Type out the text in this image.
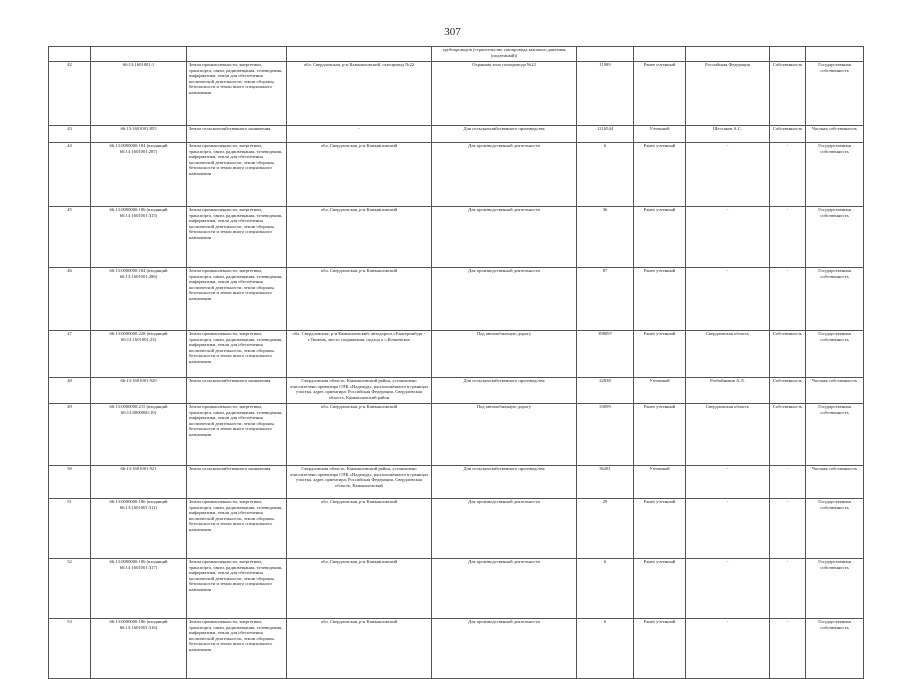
307
				трубопроводов (строительство газопровода высокого давления (подземный))					
42	66:13:1601001:1	Земли промышленности, энергетики, транспорта, связи, радиовещания, телевидения, информатики, земли для обеспечения космической деятельности, земли обороны, безопасности и земли иного специального назначения	обл. Свердловская, р-н Камышловский, газопровод №22	Охранная зона газопровода №22	11989	Ранее учтенный	Российская Федерация	Собственность	Государственная собственность
43	66:13:1601001:855	Земли сельскохозяйственного назначения	-	Для сельскохозяйственного производства	1216544	Учтенный	Шестаков А.С.	Собственность	Частная собственность
44	66:13:0000000:184 (входящий 66:13:1601001:287)	Земли промышленности, энергетики, транспорта, связи, радиовещания, телевидения, информатики, земли для обеспечения космической деятельности, земли обороны, безопасности и земли иного специального назначения	обл. Свердловская, р-н Камышловский	Для производственной деятельности	6	Ранее учтенный	-	-	Государственная собственность
45	66:13:0000000:186 (входящий 66:13:1601001:315)	Земли промышленности, энергетики, транспорта, связи, радиовещания, телевидения, информатики, земли для обеспечения космической деятельности, земли обороны, безопасности и земли иного специального назначения	обл. Свердловская, р-н Камышловский	Для производственной деятельности	36	Ранее учтенный	-	-	Государственная собственность
46	66:13:0000000:184 (входящий 66:13:1601001:286)	Земли промышленности, энергетики, транспорта, связи, радиовещания, телевидения, информатики, земли для обеспечения космической деятельности, земли обороны, безопасности и земли иного специального назначения	обл. Свердловская, р-н Камышловский	Для производственной деятельности	87	Ранее учтенный	-	-	Государственная собственность
47	66:13:0000000:228 (входящий 66:13:1601001:23)	Земли промышленности, энергетики, транспорта, связи, радиовещания, телевидения, информатики, земли для обеспечения космической деятельности, земли обороны, безопасности и земли иного специального назначения	обл. Свердловская, р-н Камышловский, автодорога г.Екатеринбург - г.Тюмень, место сопряжения, подход к с.Кочневское	Под автомобильную дорогу	398097	Ранее учтенный	Свердловская область	Собственность	Государственная собственность
48	66:13:1601001:920	Земли сельскохозяйственного назначения	Свердловская область, Камышловский район, установлено относительно ориентира СПК «Надежда», расположенного в границах участка, адрес ориентира: Российская Федерация, Свердловская область, Камышловский район	Для сельскохозяйственного производства	22838	Учтенный	Разбойников А.Л.	Собственность	Частная собственность
49	66:13:0000000:215 (входящий 66:13:0000000:10)	Земли промышленности, энергетики, транспорта, связи, радиовещания, телевидения, информатики, земли для обеспечения космической деятельности, земли обороны, безопасности и земли иного специального назначения	обл. Свердловская, р-н Камышловский	Под автомобильную дорогу	33099	Ранее учтенный	Свердловская область	Собственность	Государственная собственность
50	66:13:1601001:921	Земли сельскохозяйственного назначения	Свердловская область, Камышловский район, установлено относительно ориентира СПК «Надежда», расположенного в границах участка, адрес ориентира: Российская Федерация, Свердловская область, Камышловский	Для сельскохозяйственного производства	36281	Учтенный	-	-	Частная собственность
51	66:13:0000000:186 (входящий 66:13:1601001:311)	Земли промышленности, энергетики, транспорта, связи, радиовещания, телевидения, информатики, земли для обеспечения космической деятельности, земли обороны, безопасности и земли иного специального назначения	обл. Свердловская, р-н Камышловский	Для производственной деятельности	29	Ранее учтенный	-	-	Государственная собственность
52	66:13:0000000:186 (входящий 66:13:1601001:317)	Земли промышленности, энергетики, транспорта, связи, радиовещания, телевидения, информатики, земли для обеспечения космической деятельности, земли обороны, безопасности и земли иного специального назначения	обл. Свердловская, р-н Камышловский	Для производственной деятельности	6	Ранее учтенный	-	-	Государственная собственность
53	66:13:0000000:186 (входящий 66:13:1601001:316)	Земли промышленности, энергетики, транспорта, связи, радиовещания, телевидения, информатики, земли для обеспечения космической деятельности, земли обороны, безопасности и земли иного специального назначения	обл. Свердловская, р-н Камышловский	Для производственной деятельности	6	Ранее учтенный	-	-	Государственная собственность
